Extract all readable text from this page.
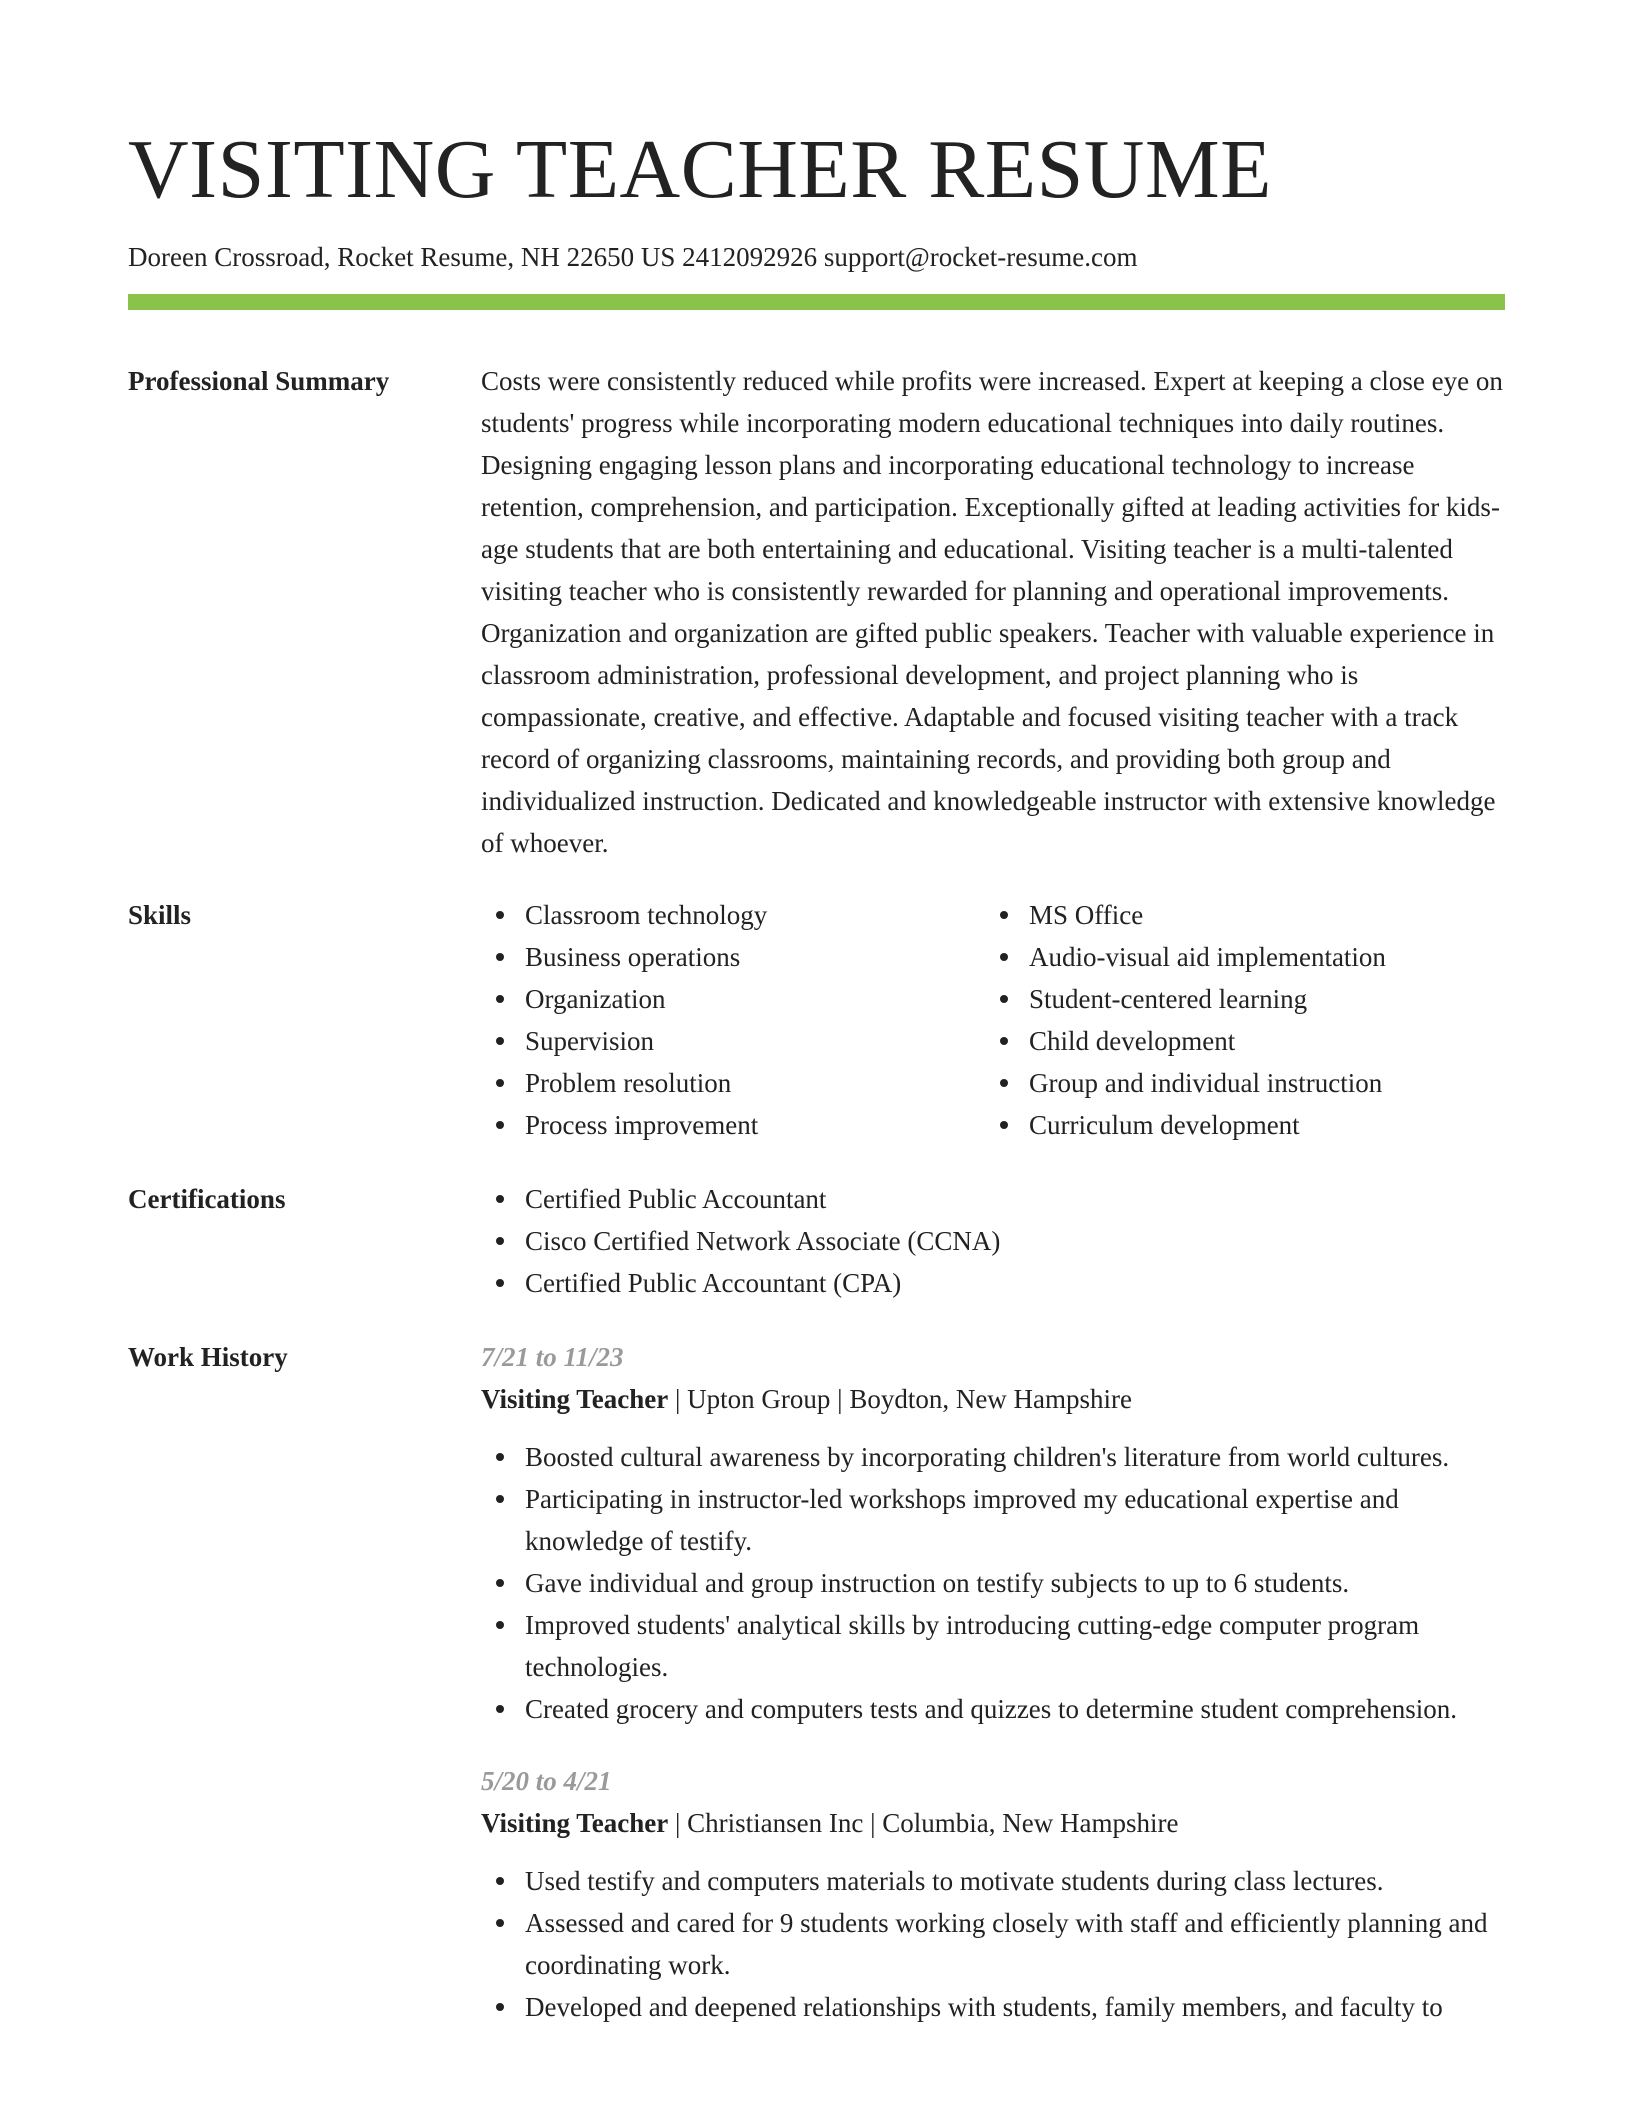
VISITING TEACHER RESUME
Doreen Crossroad, Rocket Resume, NH 22650 US 2412092926 support@rocket-resume.com
Professional Summary	Costs were consistently reduced while profits were increased. Expert at keeping a close eye on students' progress while incorporating modern educational techniques into daily routines. Designing engaging lesson plans and incorporating educational technology to increase retention, comprehension, and participation. Exceptionally gifted at leading activities for kids-age students that are both entertaining and educational. Visiting teacher is a multi-talented visiting teacher who is consistently rewarded for planning and operational improvements. Organization and organization are gifted public speakers. Teacher with valuable experience in classroom administration, professional development, and project planning who is compassionate, creative, and effective. Adaptable and focused visiting teacher with a track record of organizing classrooms, maintaining records, and providing both group and individualized instruction. Dedicated and knowledgeable instructor with extensive knowledge of whoever.

Skills	Classroom technology
Business operations
Organization
Supervision
Problem resolution
Process improvement
MS Office
Audio-visual aid implementation
Student-centered learning
Child development
Group and individual instruction
Curriculum development
Certifications	Certified Public Accountant
Cisco Certified Network Associate (CCNA)
Certified Public Accountant (CPA)
Work History	7/21 to 11/23
Visiting Teacher | Upton Group | Boydton, New Hampshire
Boosted cultural awareness by incorporating children's literature from world cultures.
Participating in instructor-led workshops improved my educational expertise and knowledge of testify.
Gave individual and group instruction on testify subjects to up to 6 students.
Improved students' analytical skills by introducing cutting-edge computer program technologies.
Created grocery and computers tests and quizzes to determine student comprehension.
5/20 to 4/21
Visiting Teacher | Christiansen Inc | Columbia, New Hampshire
Used testify and computers materials to motivate students during class lectures.
Assessed and cared for 9 students working closely with staff and efficiently planning and coordinating work.
Developed and deepened relationships with students, family members, and faculty to
